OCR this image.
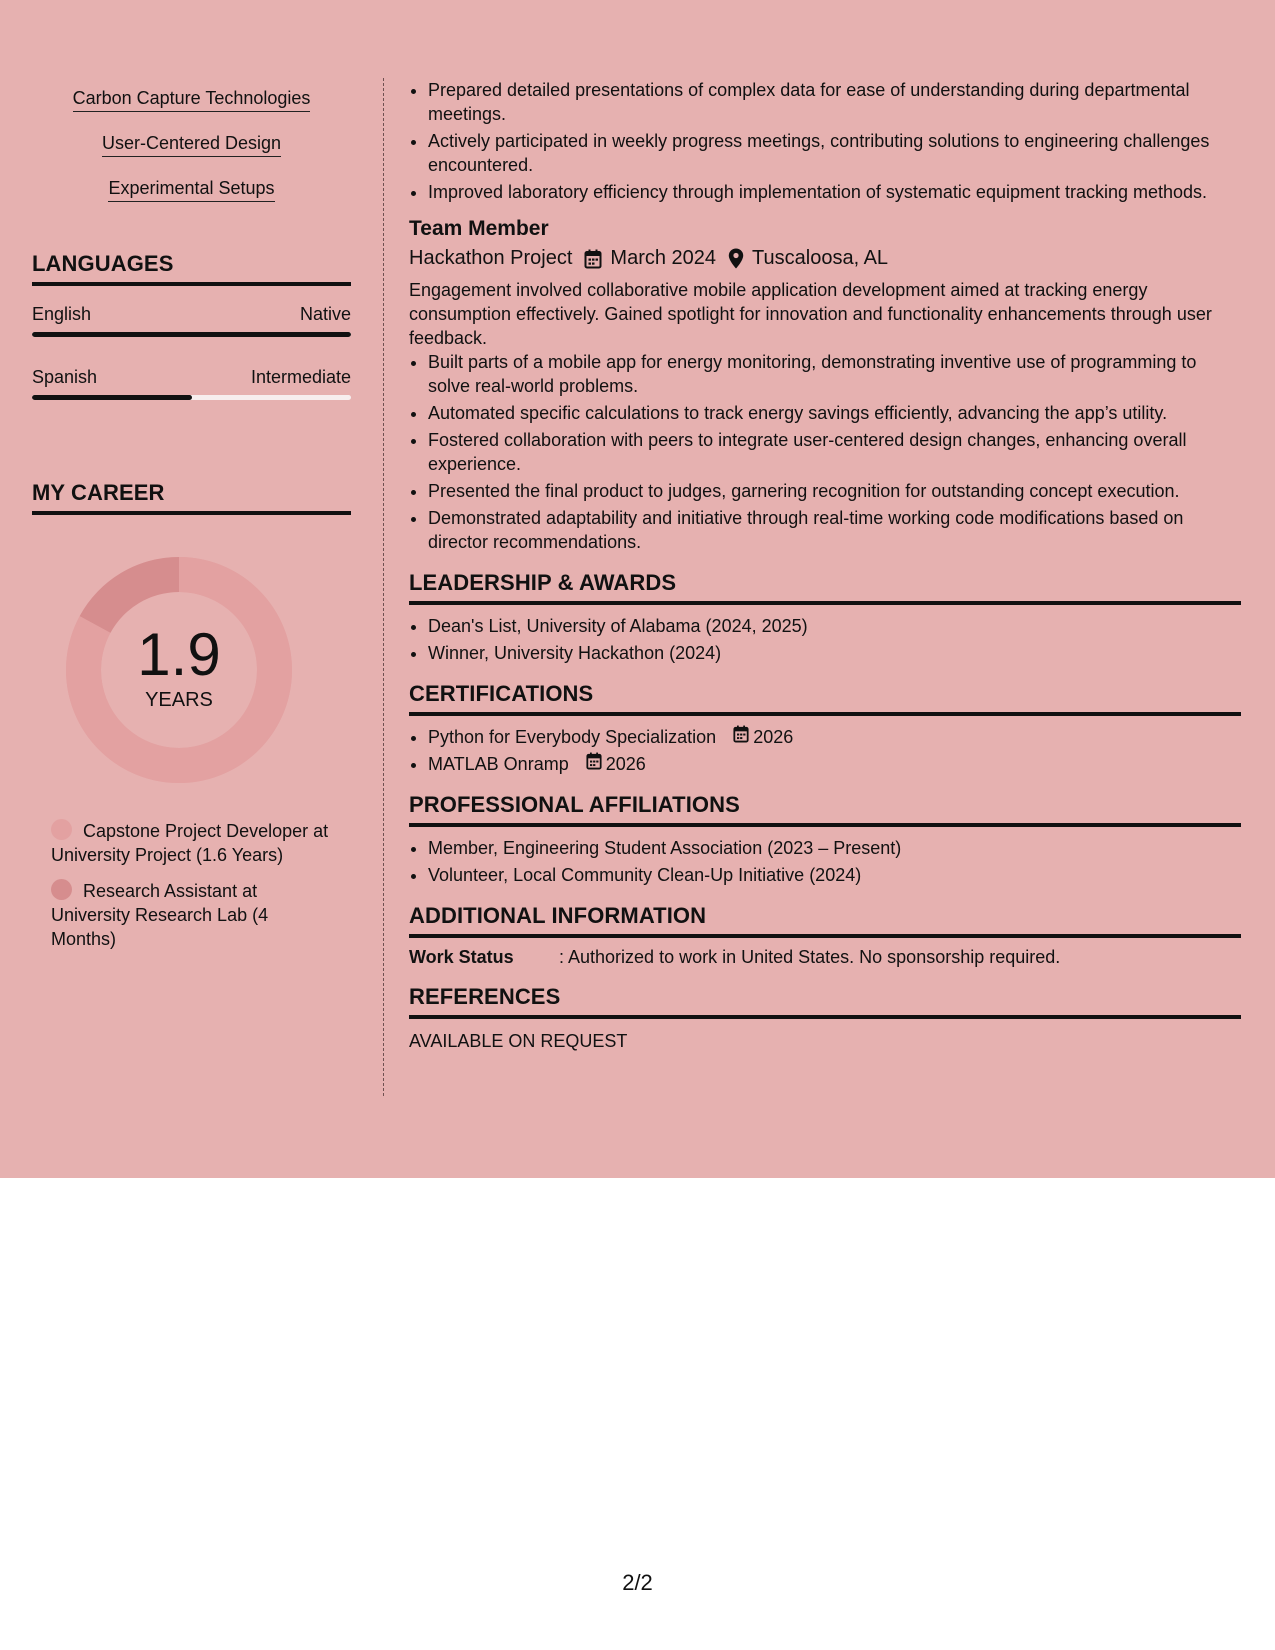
Carbon Capture Technologies
User-Centered Design
Experimental Setups
LANGUAGES
English	Native
Spanish	Intermediate
MY CAREER
1.9
YEARS
Capstone Project Developer at University Project (1.6 Years)
Research Assistant at University Research Lab (4 Months)
• Prepared detailed presentations of complex data for ease of understanding during departmental meetings.
• Actively participated in weekly progress meetings, contributing solutions to engineering challenges encountered.
• Improved laboratory efficiency through implementation of systematic equipment tracking methods.
Team Member
Hackathon Project March 2024 Tuscaloosa, AL
Engagement involved collaborative mobile application development aimed at tracking energy consumption effectively. Gained spotlight for innovation and functionality enhancements through user feedback.
• Built parts of a mobile app for energy monitoring, demonstrating inventive use of programming to solve real-world problems.
• Automated specific calculations to track energy savings efficiently, advancing the app’s utility.
• Fostered collaboration with peers to integrate user-centered design changes, enhancing overall experience.
• Presented the final product to judges, garnering recognition for outstanding concept execution.
• Demonstrated adaptability and initiative through real-time working code modifications based on director recommendations.
LEADERSHIP & AWARDS
• Dean's List, University of Alabama (2024, 2025)
• Winner, University Hackathon (2024)
CERTIFICATIONS
• Python for Everybody Specialization 2026
• MATLAB Onramp 2026
PROFESSIONAL AFFILIATIONS
• Member, Engineering Student Association (2023 – Present)
• Volunteer, Local Community Clean-Up Initiative (2024)
ADDITIONAL INFORMATION
Work Status	: Authorized to work in United States. No sponsorship required.
REFERENCES
AVAILABLE ON REQUEST
2/2
